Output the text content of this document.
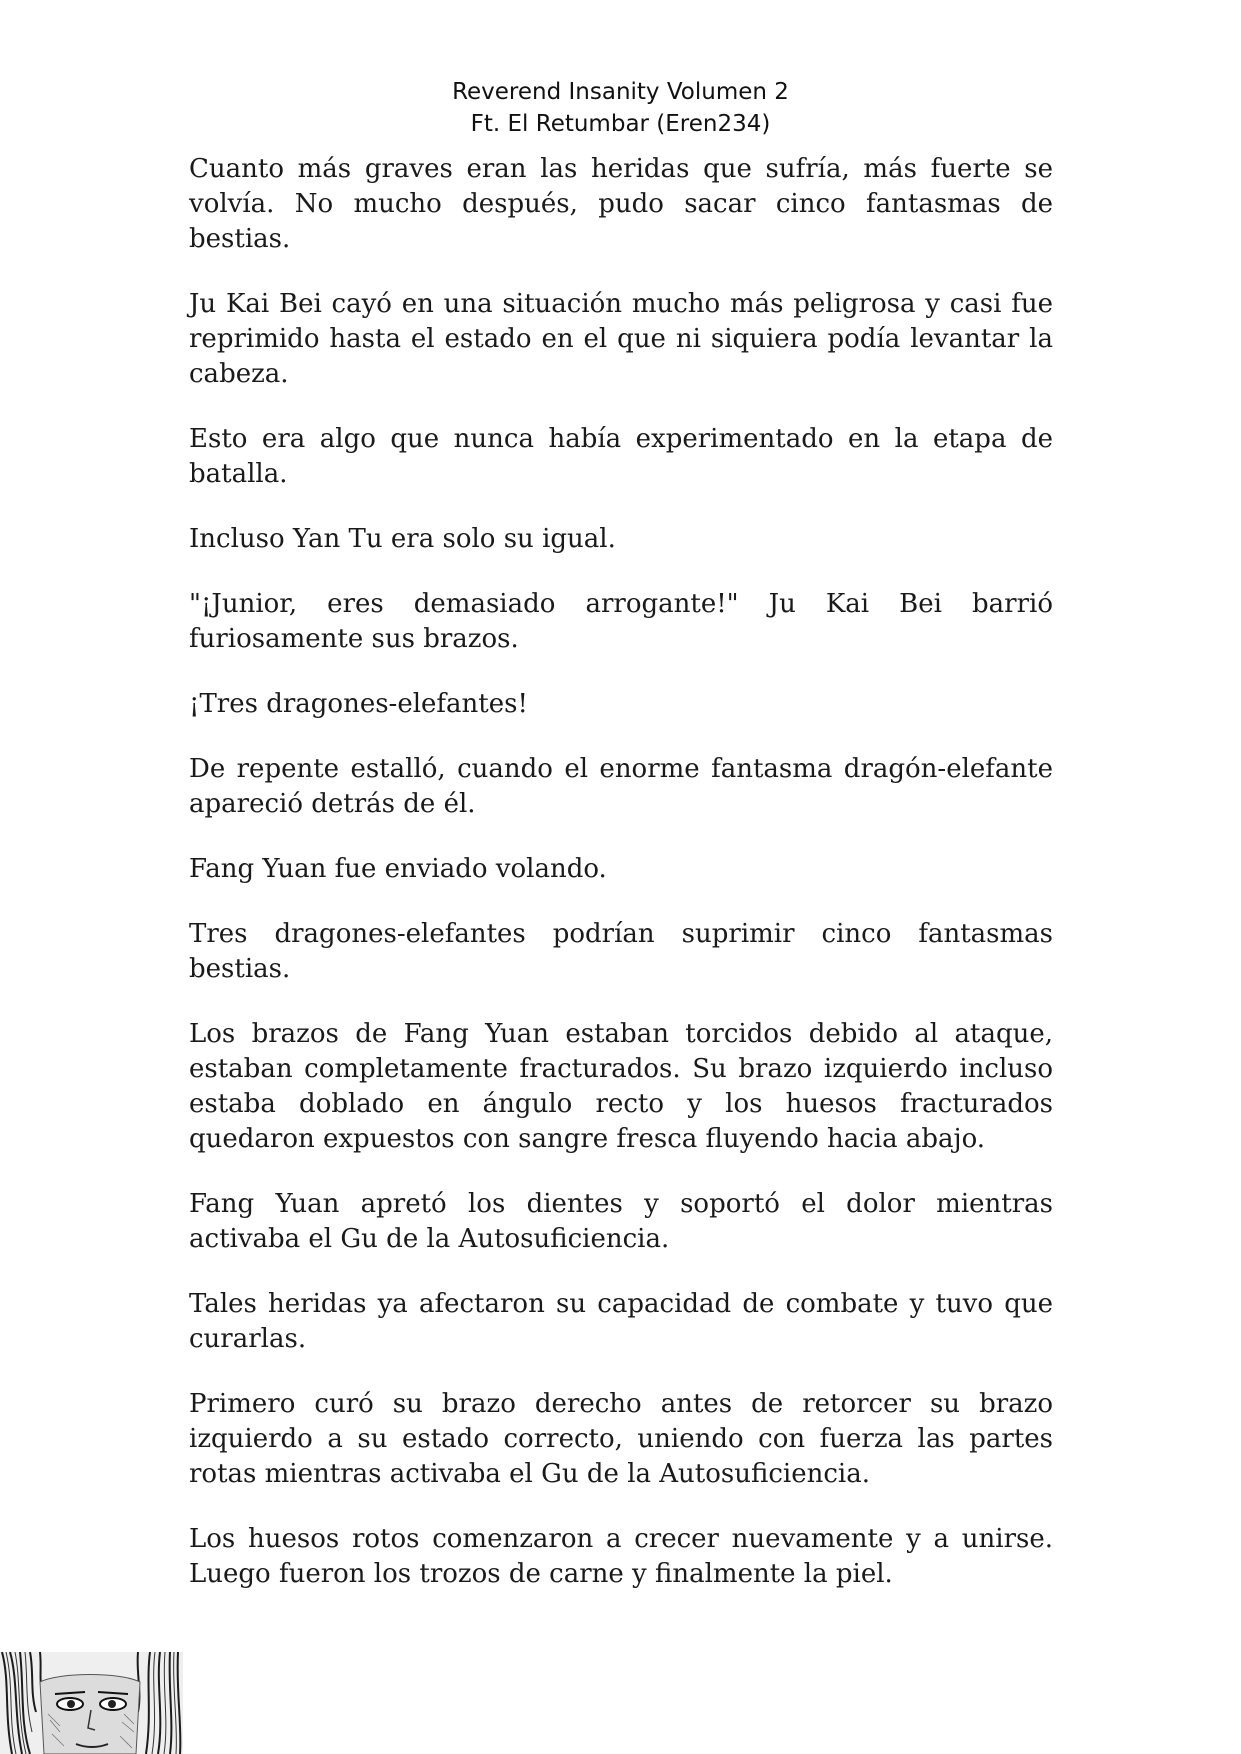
Reverend Insanity Volumen 2
Ft. El Retumbar (Eren234)

Cuanto más graves eran las heridas que sufría, más fuerte se volvía. No mucho después, pudo sacar cinco fantasmas de bestias.

Ju Kai Bei cayó en una situación mucho más peligrosa y casi fue reprimido hasta el estado en el que ni siquiera podía levantar la cabeza.

Esto era algo que nunca había experimentado en la etapa de batalla.

Incluso Yan Tu era solo su igual.

"¡Junior, eres demasiado arrogante!" Ju Kai Bei barrió furiosamente sus brazos.

¡Tres dragones-elefantes!

De repente estalló, cuando el enorme fantasma dragón-elefante apareció detrás de él.

Fang Yuan fue enviado volando.

Tres dragones-elefantes podrían suprimir cinco fantasmas bestias.

Los brazos de Fang Yuan estaban torcidos debido al ataque, estaban completamente fracturados. Su brazo izquierdo incluso estaba doblado en ángulo recto y los huesos fracturados quedaron expuestos con sangre fresca fluyendo hacia abajo.

Fang Yuan apretó los dientes y soportó el dolor mientras activaba el Gu de la Autosuficiencia.

Tales heridas ya afectaron su capacidad de combate y tuvo que curarlas.

Primero curó su brazo derecho antes de retorcer su brazo izquierdo a su estado correcto, uniendo con fuerza las partes rotas mientras activaba el Gu de la Autosuficiencia.

Los huesos rotos comenzaron a crecer nuevamente y a unirse. Luego fueron los trozos de carne y finalmente la piel.
